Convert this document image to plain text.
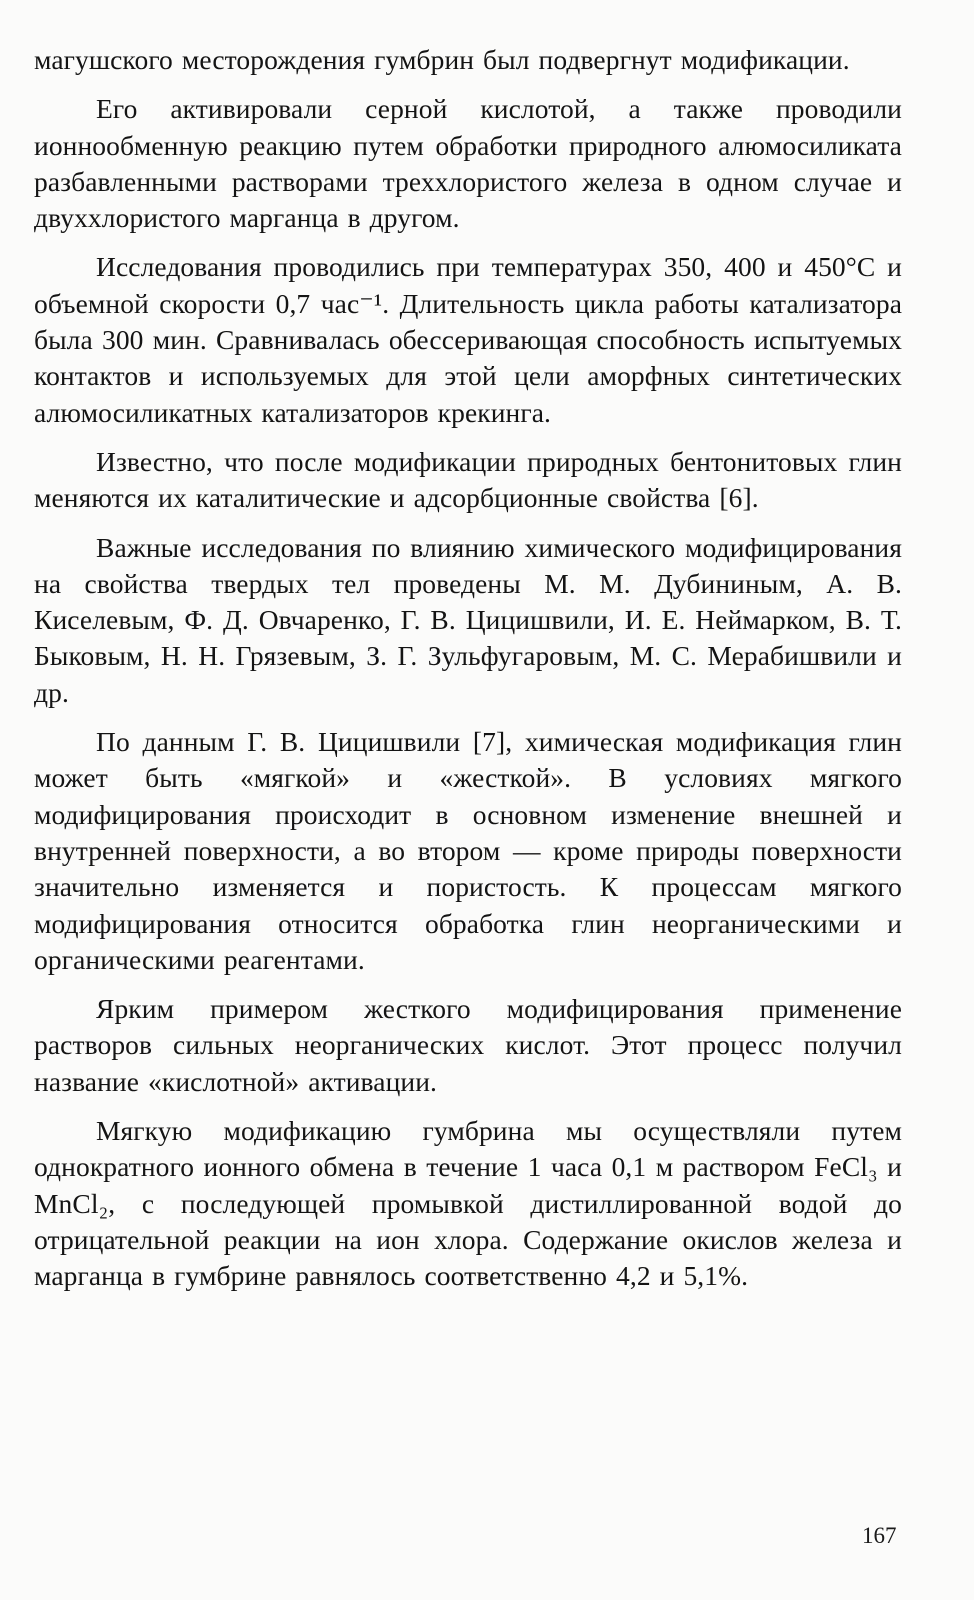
магушского месторождения гумбрин был подвергнут модификации.

Его активировали серной кислотой, а также проводили ионнообменную реакцию путем обработки природного алюмосиликата разбавленными растворами трехxлористого железа в одном случае и двухxлористого марганца в другом.

Исследования проводились при температурах 350, 400 и 450°С и объемной скорости 0,7 час⁻¹. Длительность цикла работы катализатора была 300 мин. Сравнивалась обессеривающая способность испытуемых контактов и используемых для этой цели аморфных синтетических алюмосиликатных катализаторов крекинга.

Известно, что после модификации природных бентонитовых глин меняются их каталитические и адсорбционные свойства [6].

Важные исследования по влиянию химического модифицирования на свойства твердых тел проведены М. М. Дубининым, А. В. Киселевым, Ф. Д. Овчаренко, Г. В. Цицишвили, И. Е. Неймарком, В. Т. Быковым, Н. Н. Грязевым, З. Г. Зульфугаровым, М. С. Мерабишвили и др.

По данным Г. В. Цицишвили [7], химическая модификация глин может быть «мягкой» и «жесткой». В условиях мягкого модифицирования происходит в основном изменение внешней и внутренней поверхности, а во втором — кроме природы поверхности значительно изменяется и пористость. К процессам мягкого модифицирования относится обработка глин неорганическими и органическими реагентами.

Ярким примером жесткого модифицирования применение растворов сильных неорганических кислот. Этот процесс получил название «кислотной» активации.

Мягкую модификацию гумбрина мы осуществляли путем однократного ионного обмена в течение 1 часа 0,1 м раствором FeCl₃ и MnCl₂, с последующей промывкой дистиллированной водой до отрицательной реакции на ион хлора. Содержание окислов железа и марганца в гумбрине равнялось соответственно 4,2 и 5,1%.

167
